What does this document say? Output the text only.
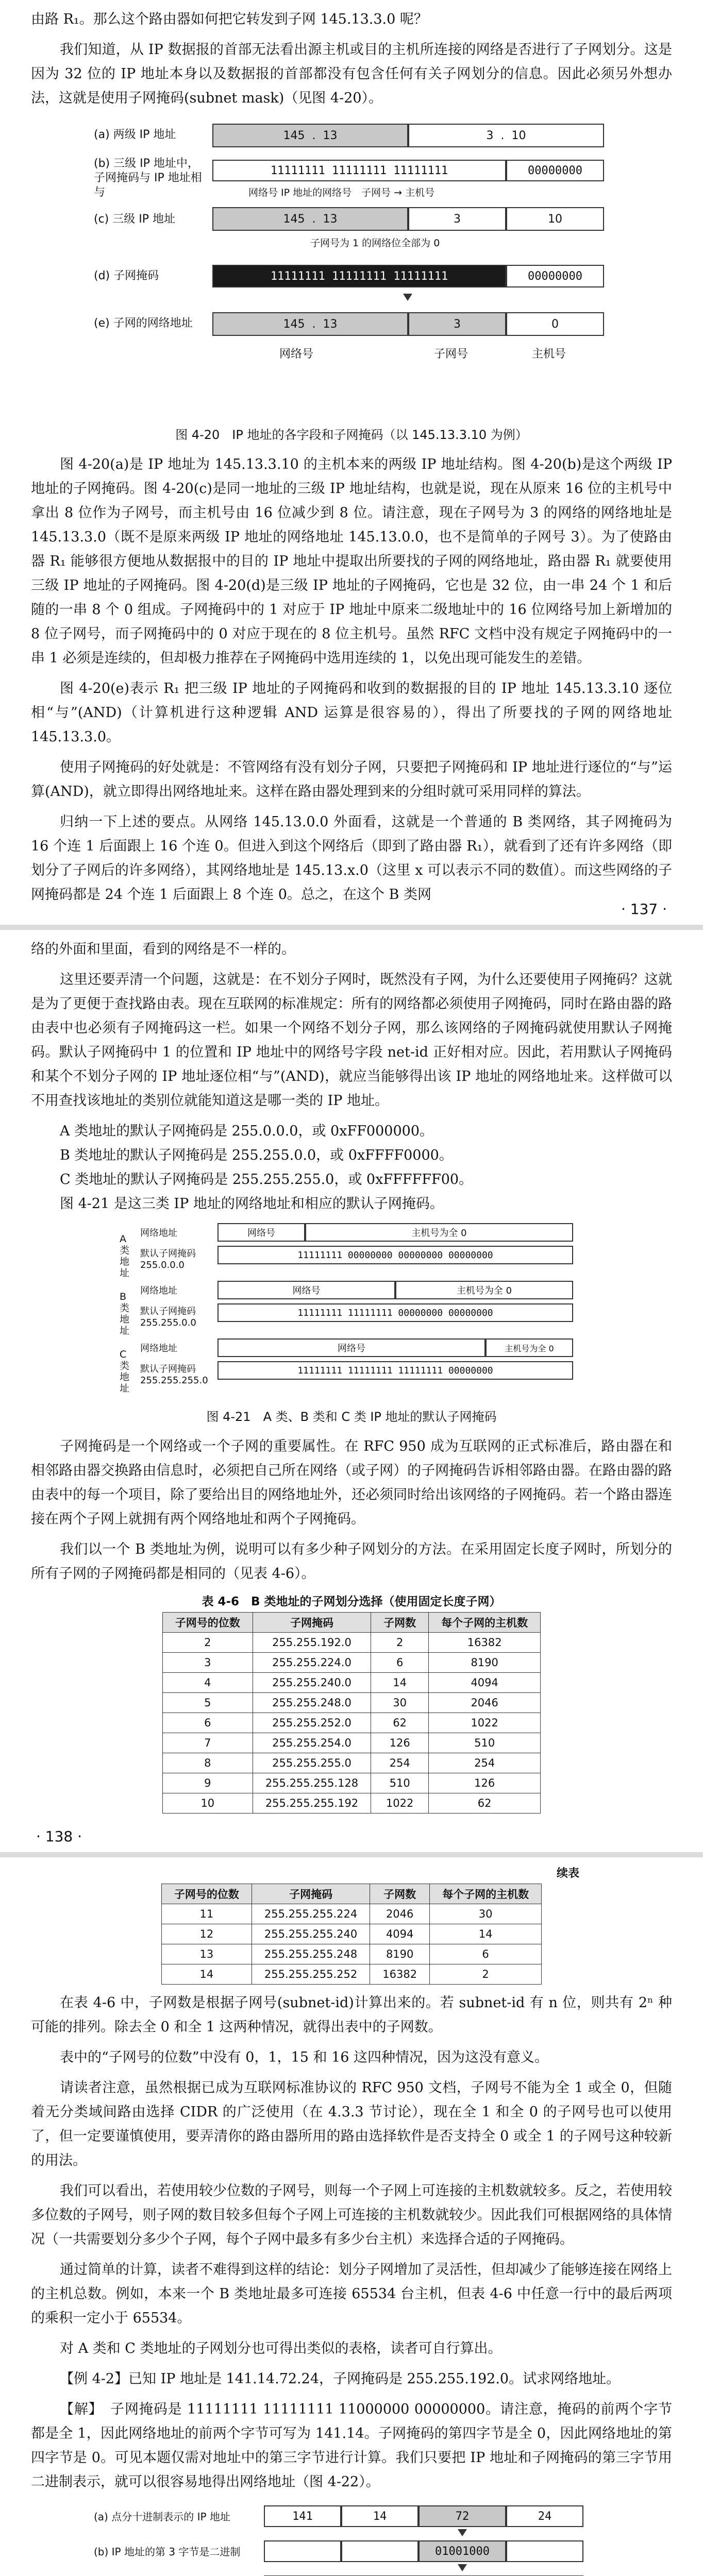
由路 R₁。那么这个路由器如何把它转发到子网 145.13.3.0 呢？

我们知道，从 IP 数据报的首部无法看出源主机或目的主机所连接的网络是否进行了子网划分。这是因为 32 位的 IP 地址本身以及数据报的首部都没有包含任何有关子网划分的信息。因此必须另外想办法，这就是使用子网掩码(subnet mask)（见图 4-20）。

(a) 两级 IP 地址	145 . 13	3 . 10
(b) 三级 IP 地址中，子网掩码与 IP 地址相与
11111111 11111111 11111111	00000000
网络号 IP 地址的网络号　子网号 → 主机号
(c) 三级 IP 地址	145 . 13	3	10
子网号为 1 的网络位全部为 0
(d) 子网掩码	11111111 11111111 11111111	00000000
(e) 子网的网络地址	145 . 13	3	0
网络号	子网号	主机号
图 4-20　IP 地址的各字段和子网掩码（以 145.13.3.10 为例）

图 4-20(a)是 IP 地址为 145.13.3.10 的主机本来的两级 IP 地址结构。图 4-20(b)是这个两级 IP 地址的子网掩码。图 4-20(c)是同一地址的三级 IP 地址结构，也就是说，现在从原来 16 位的主机号中拿出 8 位作为子网号，而主机号由 16 位减少到 8 位。请注意，现在子网号为 3 的网络的网络地址是 145.13.3.0（既不是原来两级 IP 地址的网络地址 145.13.0.0，也不是简单的子网号 3）。为了使路由器 R₁ 能够很方便地从数据报中的目的 IP 地址中提取出所要找的子网的网络地址，路由器 R₁ 就要使用三级 IP 地址的子网掩码。图 4-20(d)是三级 IP 地址的子网掩码，它也是 32 位，由一串 24 个 1 和后随的一串 8 个 0 组成。子网掩码中的 1 对应于 IP 地址中原来二级地址中的 16 位网络号加上新增加的 8 位子网号，而子网掩码中的 0 对应于现在的 8 位主机号。虽然 RFC 文档中没有规定子网掩码中的一串 1 必须是连续的，但却极力推荐在子网掩码中选用连续的 1，以免出现可能发生的差错。

图 4-20(e)表示 R₁ 把三级 IP 地址的子网掩码和收到的数据报的目的 IP 地址 145.13.3.10 逐位相“与”(AND)（计算机进行这种逻辑 AND 运算是很容易的），得出了所要找的子网的网络地址 145.13.3.0。

使用子网掩码的好处就是：不管网络有没有划分子网，只要把子网掩码和 IP 地址进行逐位的“与”运算(AND)，就立即得出网络地址来。这样在路由器处理到来的分组时就可采用同样的算法。

归纳一下上述的要点。从网络 145.13.0.0 外面看，这就是一个普通的 B 类网络，其子网掩码为 16 个连 1 后面跟上 16 个连 0。但进入到这个网络后（即到了路由器 R₁），就看到了还有许多网络（即划分了子网后的许多网络），其网络地址是 145.13.x.0（这里 x 可以表示不同的数值）。而这些网络的子网掩码都是 24 个连 1 后面跟上 8 个连 0。总之，在这个 B 类网

· 137 ·

络的外面和里面，看到的网络是不一样的。

这里还要弄清一个问题，这就是：在不划分子网时，既然没有子网，为什么还要使用子网掩码？这就是为了更便于查找路由表。现在互联网的标准规定：所有的网络都必须使用子网掩码，同时在路由器的路由表中也必须有子网掩码这一栏。如果一个网络不划分子网，那么该网络的子网掩码就使用默认子网掩码。默认子网掩码中 1 的位置和 IP 地址中的网络号字段 net-id 正好相对应。因此，若用默认子网掩码和某个不划分子网的 IP 地址逐位相“与”(AND)，就应当能够得出该 IP 地址的网络地址来。这样做可以不用查找该地址的类别位就能知道这是哪一类的 IP 地址。

A 类地址的默认子网掩码是 255.0.0.0，或 0xFF000000。

B 类地址的默认子网掩码是 255.255.0.0，或 0xFFFF0000。

C 类地址的默认子网掩码是 255.255.255.0，或 0xFFFFFF00。

图 4-21 是这三类 IP 地址的网络地址和相应的默认子网掩码。

A 类地址
网络地址	网络号	主机号为全 0
默认子网掩码
255.0.0.0
11111111 00000000 00000000 00000000
B 类地址
网络地址	网络号	主机号为全 0
默认子网掩码
255.255.0.0
11111111 11111111 00000000 00000000
C 类地址
网络地址	网络号	主机号为全 0
默认子网掩码
255.255.255.0
11111111 11111111 11111111 00000000
图 4-21　A 类、B 类和 C 类 IP 地址的默认子网掩码

子网掩码是一个网络或一个子网的重要属性。在 RFC 950 成为互联网的正式标准后，路由器在和相邻路由器交换路由信息时，必须把自己所在网络（或子网）的子网掩码告诉相邻路由器。在路由器的路由表中的每一个项目，除了要给出目的网络地址外，还必须同时给出该网络的子网掩码。若一个路由器连接在两个子网上就拥有两个网络地址和两个子网掩码。

我们以一个 B 类地址为例，说明可以有多少种子网划分的方法。在采用固定长度子网时，所划分的所有子网的子网掩码都是相同的（见表 4-6）。

表 4-6　B 类地址的子网划分选择（使用固定长度子网）
子网号的位数	子网掩码	子网数	每个子网的主机数
2	255.255.192.0	2	16382
3	255.255.224.0	6	8190
4	255.255.240.0	14	4094
5	255.255.248.0	30	2046
6	255.255.252.0	62	1022
7	255.255.254.0	126	510
8	255.255.255.0	254	254
9	255.255.255.128	510	126
10	255.255.255.192	1022	62
· 138 ·
续表
子网号的位数	子网掩码	子网数	每个子网的主机数
11	255.255.255.224	2046	30
12	255.255.255.240	4094	14
13	255.255.255.248	8190	6
14	255.255.255.252	16382	2

在表 4-6 中，子网数是根据子网号(subnet-id)计算出来的。若 subnet-id 有 n 位，则共有 2ⁿ 种可能的排列。除去全 0 和全 1 这两种情况，就得出表中的子网数。

表中的“子网号的位数”中没有 0，1，15 和 16 这四种情况，因为这没有意义。

请读者注意，虽然根据已成为互联网标准协议的 RFC 950 文档，子网号不能为全 1 或全 0，但随着无分类域间路由选择 CIDR 的广泛使用（在 4.3.3 节讨论），现在全 1 和全 0 的子网号也可以使用了，但一定要谨慎使用，要弄清你的路由器所用的路由选择软件是否支持全 0 或全 1 的子网号这种较新的用法。

我们可以看出，若使用较少位数的子网号，则每一个子网上可连接的主机数就较多。反之，若使用较多位数的子网号，则子网的数目较多但每个子网上可连接的主机数就较少。因此我们可根据网络的具体情况（一共需要划分多少个子网，每个子网中最多有多少台主机）来选择合适的子网掩码。

通过简单的计算，读者不难得到这样的结论：划分子网增加了灵活性，但却减少了能够连接在网络上的主机总数。例如，本来一个 B 类地址最多可连接 65534 台主机，但表 4-6 中任意一行中的最后两项的乘积一定小于 65534。

对 A 类和 C 类地址的子网划分也可得出类似的表格，读者可自行算出。

【例 4-2】已知 IP 地址是 141.14.72.24，子网掩码是 255.255.192.0。试求网络地址。

【解】　子网掩码是 11111111 11111111 11000000 00000000。请注意，掩码的前两个字节都是全 1，因此网络地址的前两个字节可写为 141.14。子网掩码的第四字节是全 0，因此网络地址的第四字节是 0。可见本题仅需对地址中的第三字节进行计算。我们只要把 IP 地址和子网掩码的第三字节用二进制表示，就可以很容易地得出网络地址（图 4-22）。

(a) 点分十进制表示的 IP 地址	141	14	72	24
(b) IP 地址的第 3 字节是二进制	01001000
